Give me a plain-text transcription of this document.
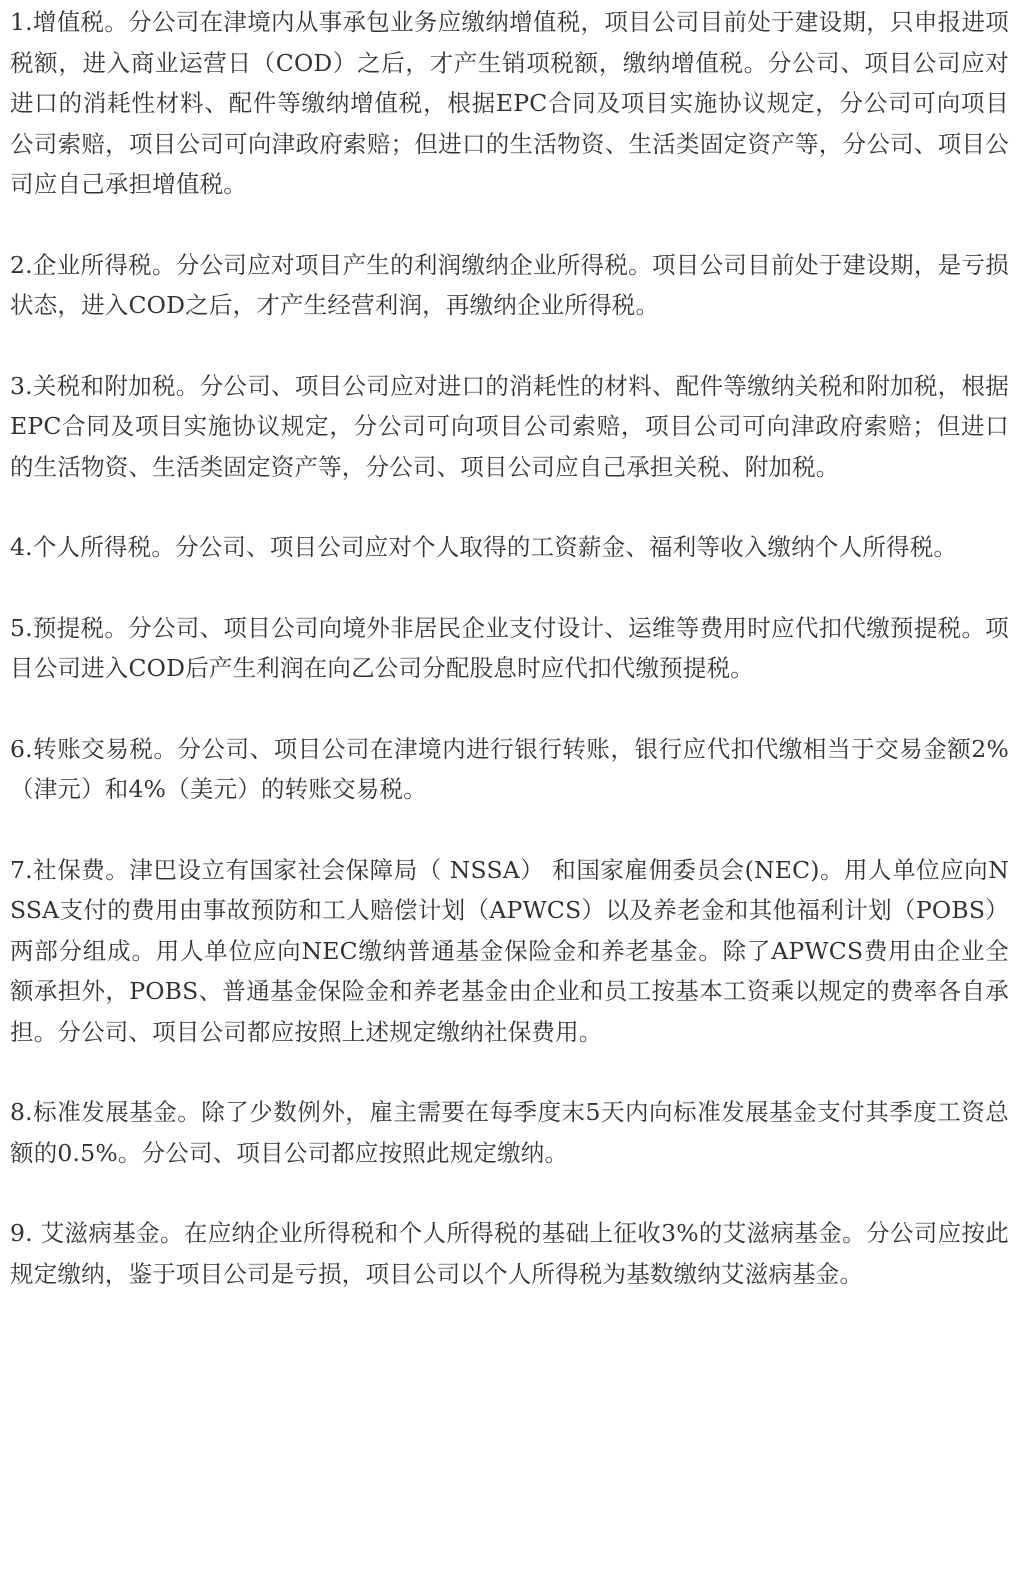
1.增值税。分公司在津境内从事承包业务应缴纳增值税，项目公司目前处于建设期，只申报进项税额，进入商业运营日（COD）之后，才产生销项税额，缴纳增值税。分公司、项目公司应对进口的消耗性材料、配件等缴纳增值税，根据EPC合同及项目实施协议规定，分公司可向项目公司索赔，项目公司可向津政府索赔；但进口的生活物资、生活类固定资产等，分公司、项目公司应自己承担增值税。

2.企业所得税。分公司应对项目产生的利润缴纳企业所得税。项目公司目前处于建设期，是亏损状态，进入COD之后，才产生经营利润，再缴纳企业所得税。

3.关税和附加税。分公司、项目公司应对进口的消耗性的材料、配件等缴纳关税和附加税，根据EPC合同及项目实施协议规定，分公司可向项目公司索赔，项目公司可向津政府索赔；但进口的生活物资、生活类固定资产等，分公司、项目公司应自己承担关税、附加税。

4.个人所得税。分公司、项目公司应对个人取得的工资薪金、福利等收入缴纳个人所得税。

5.预提税。分公司、项目公司向境外非居民企业支付设计、运维等费用时应代扣代缴预提税。项目公司进入COD后产生利润在向乙公司分配股息时应代扣代缴预提税。

6.转账交易税。分公司、项目公司在津境内进行银行转账，银行应代扣代缴相当于交易金额2%（津元）和4%（美元）的转账交易税。

7.社保费。津巴设立有国家社会保障局（ NSSA） 和国家雇佣委员会(NEC)。用人单位应向NSSA支付的费用由事故预防和工人赔偿计划（APWCS）以及养老金和其他福利计划（POBS）两部分组成。用人单位应向NEC缴纳普通基金保险金和养老基金。除了APWCS费用由企业全额承担外，POBS、普通基金保险金和养老基金由企业和员工按基本工资乘以规定的费率各自承担。分公司、项目公司都应按照上述规定缴纳社保费用。

8.标准发展基金。除了少数例外，雇主需要在每季度末5天内向标准发展基金支付其季度工资总额的0.5%。分公司、项目公司都应按照此规定缴纳。

9. 艾滋病基金。在应纳企业所得税和个人所得税的基础上征收3%的艾滋病基金。分公司应按此规定缴纳，鉴于项目公司是亏损，项目公司以个人所得税为基数缴纳艾滋病基金。
